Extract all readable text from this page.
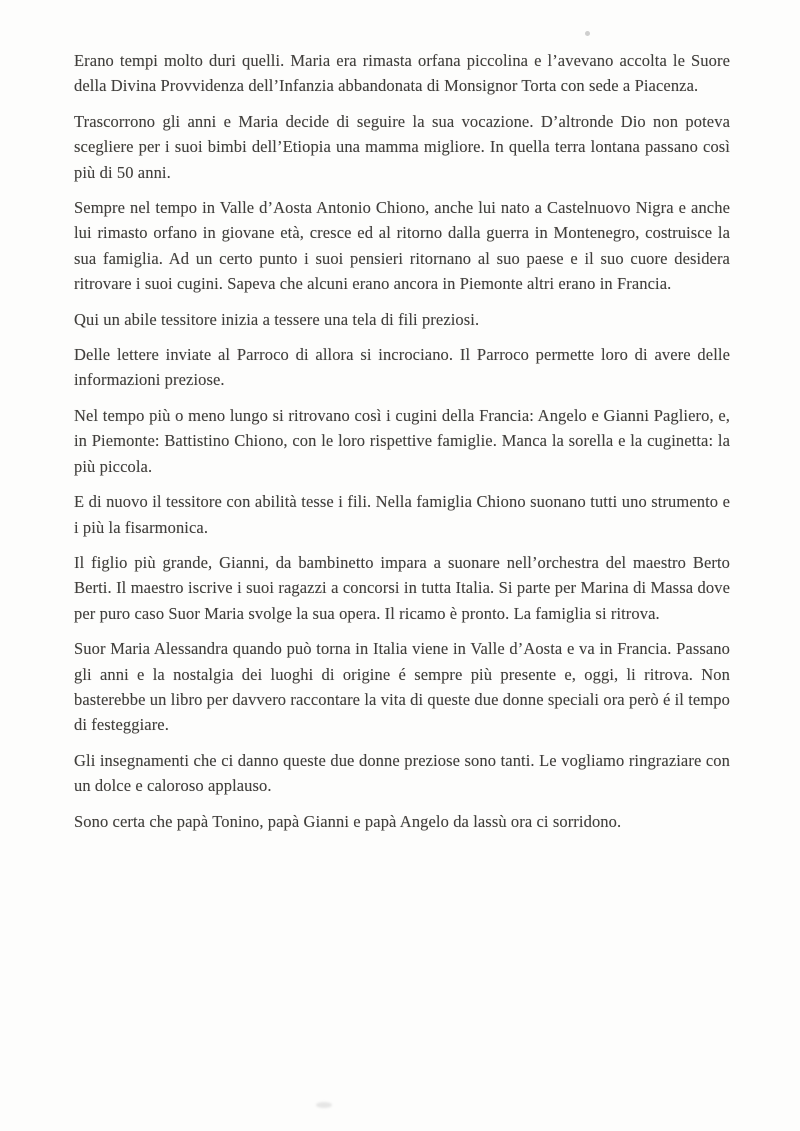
Erano tempi molto duri quelli. Maria era rimasta orfana piccolina e l’avevano accolta le Suore della Divina Provvidenza dell’Infanzia abbandonata di Monsignor Torta con sede a Piacenza.

Trascorrono gli anni e Maria decide di seguire la sua vocazione. D’altronde Dio non poteva scegliere per i suoi bimbi dell’Etiopia una mamma migliore. In quella terra lontana passano così più di 50 anni.

Sempre nel tempo in Valle d’Aosta Antonio Chiono, anche lui nato a Castelnuovo Nigra e anche lui rimasto orfano in giovane età, cresce ed al ritorno dalla guerra in Montenegro, costruisce la sua famiglia. Ad un certo punto i suoi pensieri ritornano al suo paese e il suo cuore desidera ritrovare i suoi cugini. Sapeva che alcuni erano ancora in Piemonte altri erano in Francia.

Qui un abile tessitore inizia a tessere una tela di fili preziosi.

Delle lettere inviate al Parroco di allora si incrociano. Il Parroco permette loro di avere delle informazioni preziose.

Nel tempo più o meno lungo si ritrovano così i cugini della Francia: Angelo e Gianni Pagliero, e, in Piemonte: Battistino Chiono, con le loro rispettive famiglie. Manca la sorella e la cuginetta: la più piccola.

E di nuovo il tessitore con abilità tesse i fili. Nella famiglia Chiono suonano tutti uno strumento e i più la fisarmonica.

Il figlio più grande, Gianni, da bambinetto impara a suonare nell’orchestra del maestro Berto Berti. Il maestro iscrive i suoi ragazzi a concorsi in tutta Italia. Si parte per Marina di Massa dove per puro caso Suor Maria svolge la sua opera. Il ricamo è pronto. La famiglia si ritrova.

Suor Maria Alessandra quando può torna in Italia viene in Valle d’Aosta e va in Francia. Passano gli anni e la nostalgia dei luoghi di origine é sempre più presente e, oggi, li ritrova. Non basterebbe un libro per davvero raccontare la vita di queste due donne speciali ora però é il tempo di festeggiare.

Gli insegnamenti che ci danno queste due donne preziose sono tanti. Le vogliamo ringraziare con un dolce e caloroso applauso.

Sono certa che papà Tonino, papà Gianni e papà Angelo da lassù ora ci sorridono.
